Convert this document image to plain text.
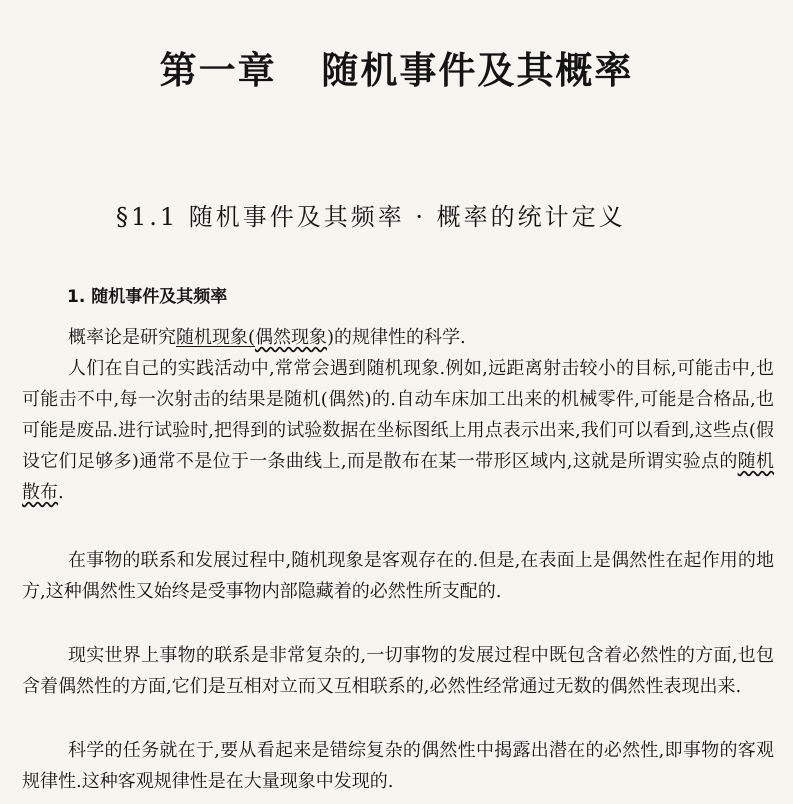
第一章   随机事件及其概率
§1.1 随机事件及其频率 · 概率的统计定义
1. 随机事件及其频率

概率论是研究随机现象(偶然现象)的规律性的科学.

人们在自己的实践活动中,常常会遇到随机现象.例如,远距离射击较小的目标,可能击中,也可能击不中,每一次射击的结果是随机(偶然)的.自动车床加工出来的机械零件,可能是合格品,也可能是废品.进行试验时,把得到的试验数据在坐标图纸上用点表示出来,我们可以看到,这些点(假设它们足够多)通常不是位于一条曲线上,而是散布在某一带形区域内,这就是所谓实验点的随机散布.

在事物的联系和发展过程中,随机现象是客观存在的.但是,在表面上是偶然性在起作用的地方,这种偶然性又始终是受事物内部隐藏着的必然性所支配的.

现实世界上事物的联系是非常复杂的,一切事物的发展过程中既包含着必然性的方面,也包含着偶然性的方面,它们是互相对立而又互相联系的,必然性经常通过无数的偶然性表现出来.

科学的任务就在于,要从看起来是错综复杂的偶然性中揭露出潜在的必然性,即事物的客观规律性.这种客观规律性是在大量现象中发现的.
